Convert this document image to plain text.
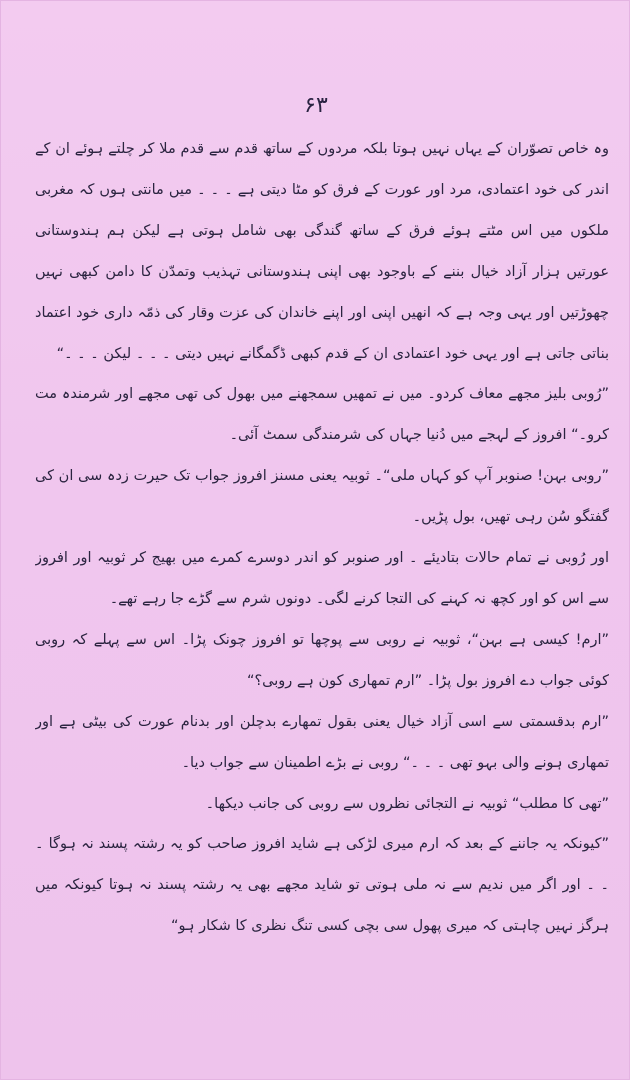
۶۳

وہ خاص تصوّران کے یہاں نہیں ہوتا بلکہ مردوں کے ساتھ قدم سے قدم ملا کر چلتے ہوئے ان کے اندر کی خود اعتمادی، مرد اور عورت کے فرق کو مٹا دیتی ہے ۔ ۔ ۔ میں مانتی ہوں کہ مغربی ملکوں میں اس مٹتے ہوئے فرق کے ساتھ گندگی بھی شامل ہوتی ہے لیکن ہم ہندوستانی عورتیں ہزار آزاد خیال بننے کے باوجود بھی اپنی ہندوستانی تہذیب وتمدّن کا دامن کبھی نہیں چھوڑتیں اور یہی وجہ ہے کہ انھیں اپنی اور اپنے خاندان کی عزت وقار کی ذمّہ داری خود اعتماد بناتی جاتی ہے اور یہی خود اعتمادی ان کے قدم کبھی ڈگمگانے نہیں دیتی ۔ ۔ ۔ لیکن ۔ ۔ ۔“

”رُوبی بلیز مجھے معاف کردو۔ میں نے تمھیں سمجھنے میں بھول کی تھی مجھے اور شرمندہ مت کرو۔“ افروز کے لہجے میں دُنیا جہاں کی شرمندگی سمٹ آئی۔

”روبی بہن! صنوبر آپ کو کہاں ملی“۔ ثوبیہ یعنی مسنز افروز جواب تک حیرت زدہ سی ان کی گفتگو سُن رہی تھیں، بول پڑیں۔

اور رُوبی نے تمام حالات بتادیئے ۔ اور صنوبر کو اندر دوسرے کمرے میں بھیج کر ثوبیہ اور افروز سے اس کو اور کچھ نہ کہنے کی التجا کرنے لگی۔ دونوں شرم سے گڑے جا رہے تھے۔

”ارم! کیسی ہے بہن“، ثوبیہ نے روبی سے پوچھا تو افروز چونک پڑا۔ اس سے پہلے کہ روبی کوئی جواب دے افروز بول پڑا۔ ”ارم تمھاری کون ہے روبی؟“

”ارم بدقسمتی سے اسی آزاد خیال یعنی بقول تمھارے بدچلن اور بدنام عورت کی بیٹی ہے اور تمھاری ہونے والی بہو تھی ۔ ۔ ۔“ روبی نے بڑے اطمینان سے جواب دیا۔

”تھی کا مطلب“ ثوبیہ نے التجائی نظروں سے روبی کی جانب دیکھا۔

”کیونکہ یہ جاننے کے بعد کہ ارم میری لڑکی ہے شاید افروز صاحب کو یہ رشتہ پسند نہ ہوگا ۔ ۔ ۔ اور اگر میں ندیم سے نہ ملی ہوتی تو شاید مجھے بھی یہ رشتہ پسند نہ ہوتا کیونکہ میں ہرگز نہیں چاہتی کہ میری پھول سی بچی کسی تنگ نظری کا شکار ہو“
